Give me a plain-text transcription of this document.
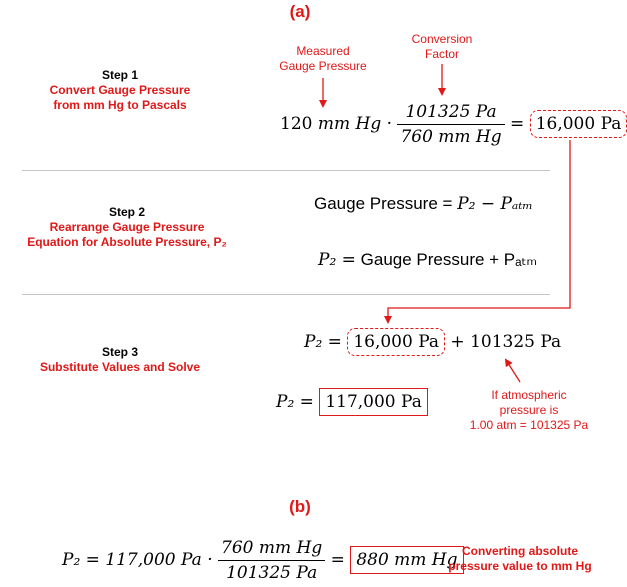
(a)
Step 1
Convert Gauge Pressure
from mm Hg to Pascals
Measured
Gauge Pressure
Conversion
Factor
120 mm $Hg \cdot \frac{101325 Pa}{\text{760 mm Hg}} = 16,000$ Pa
Step 2
Rearrange Gauge Pressure
Equation for Absolute Pressure, P₂
Gauge Pressure = P₂ − Pₐₜₘ
P₂ = Gauge Pressure + Pₐₜₘ
Step 3
Substitute Values and Solve
P₂ = 16,000 Pa + 101325 Pa
P₂ = 117,000 Pa	If atmospheric
pressure is
1.00 atm = 101325 Pa
(b)
P₂ = 117,000 $Pa \cdot \frac{\text{760 mm Hg}}{101325 Pa} = 880$ mm Hg Converting absolute
pressure value to mm Hg
